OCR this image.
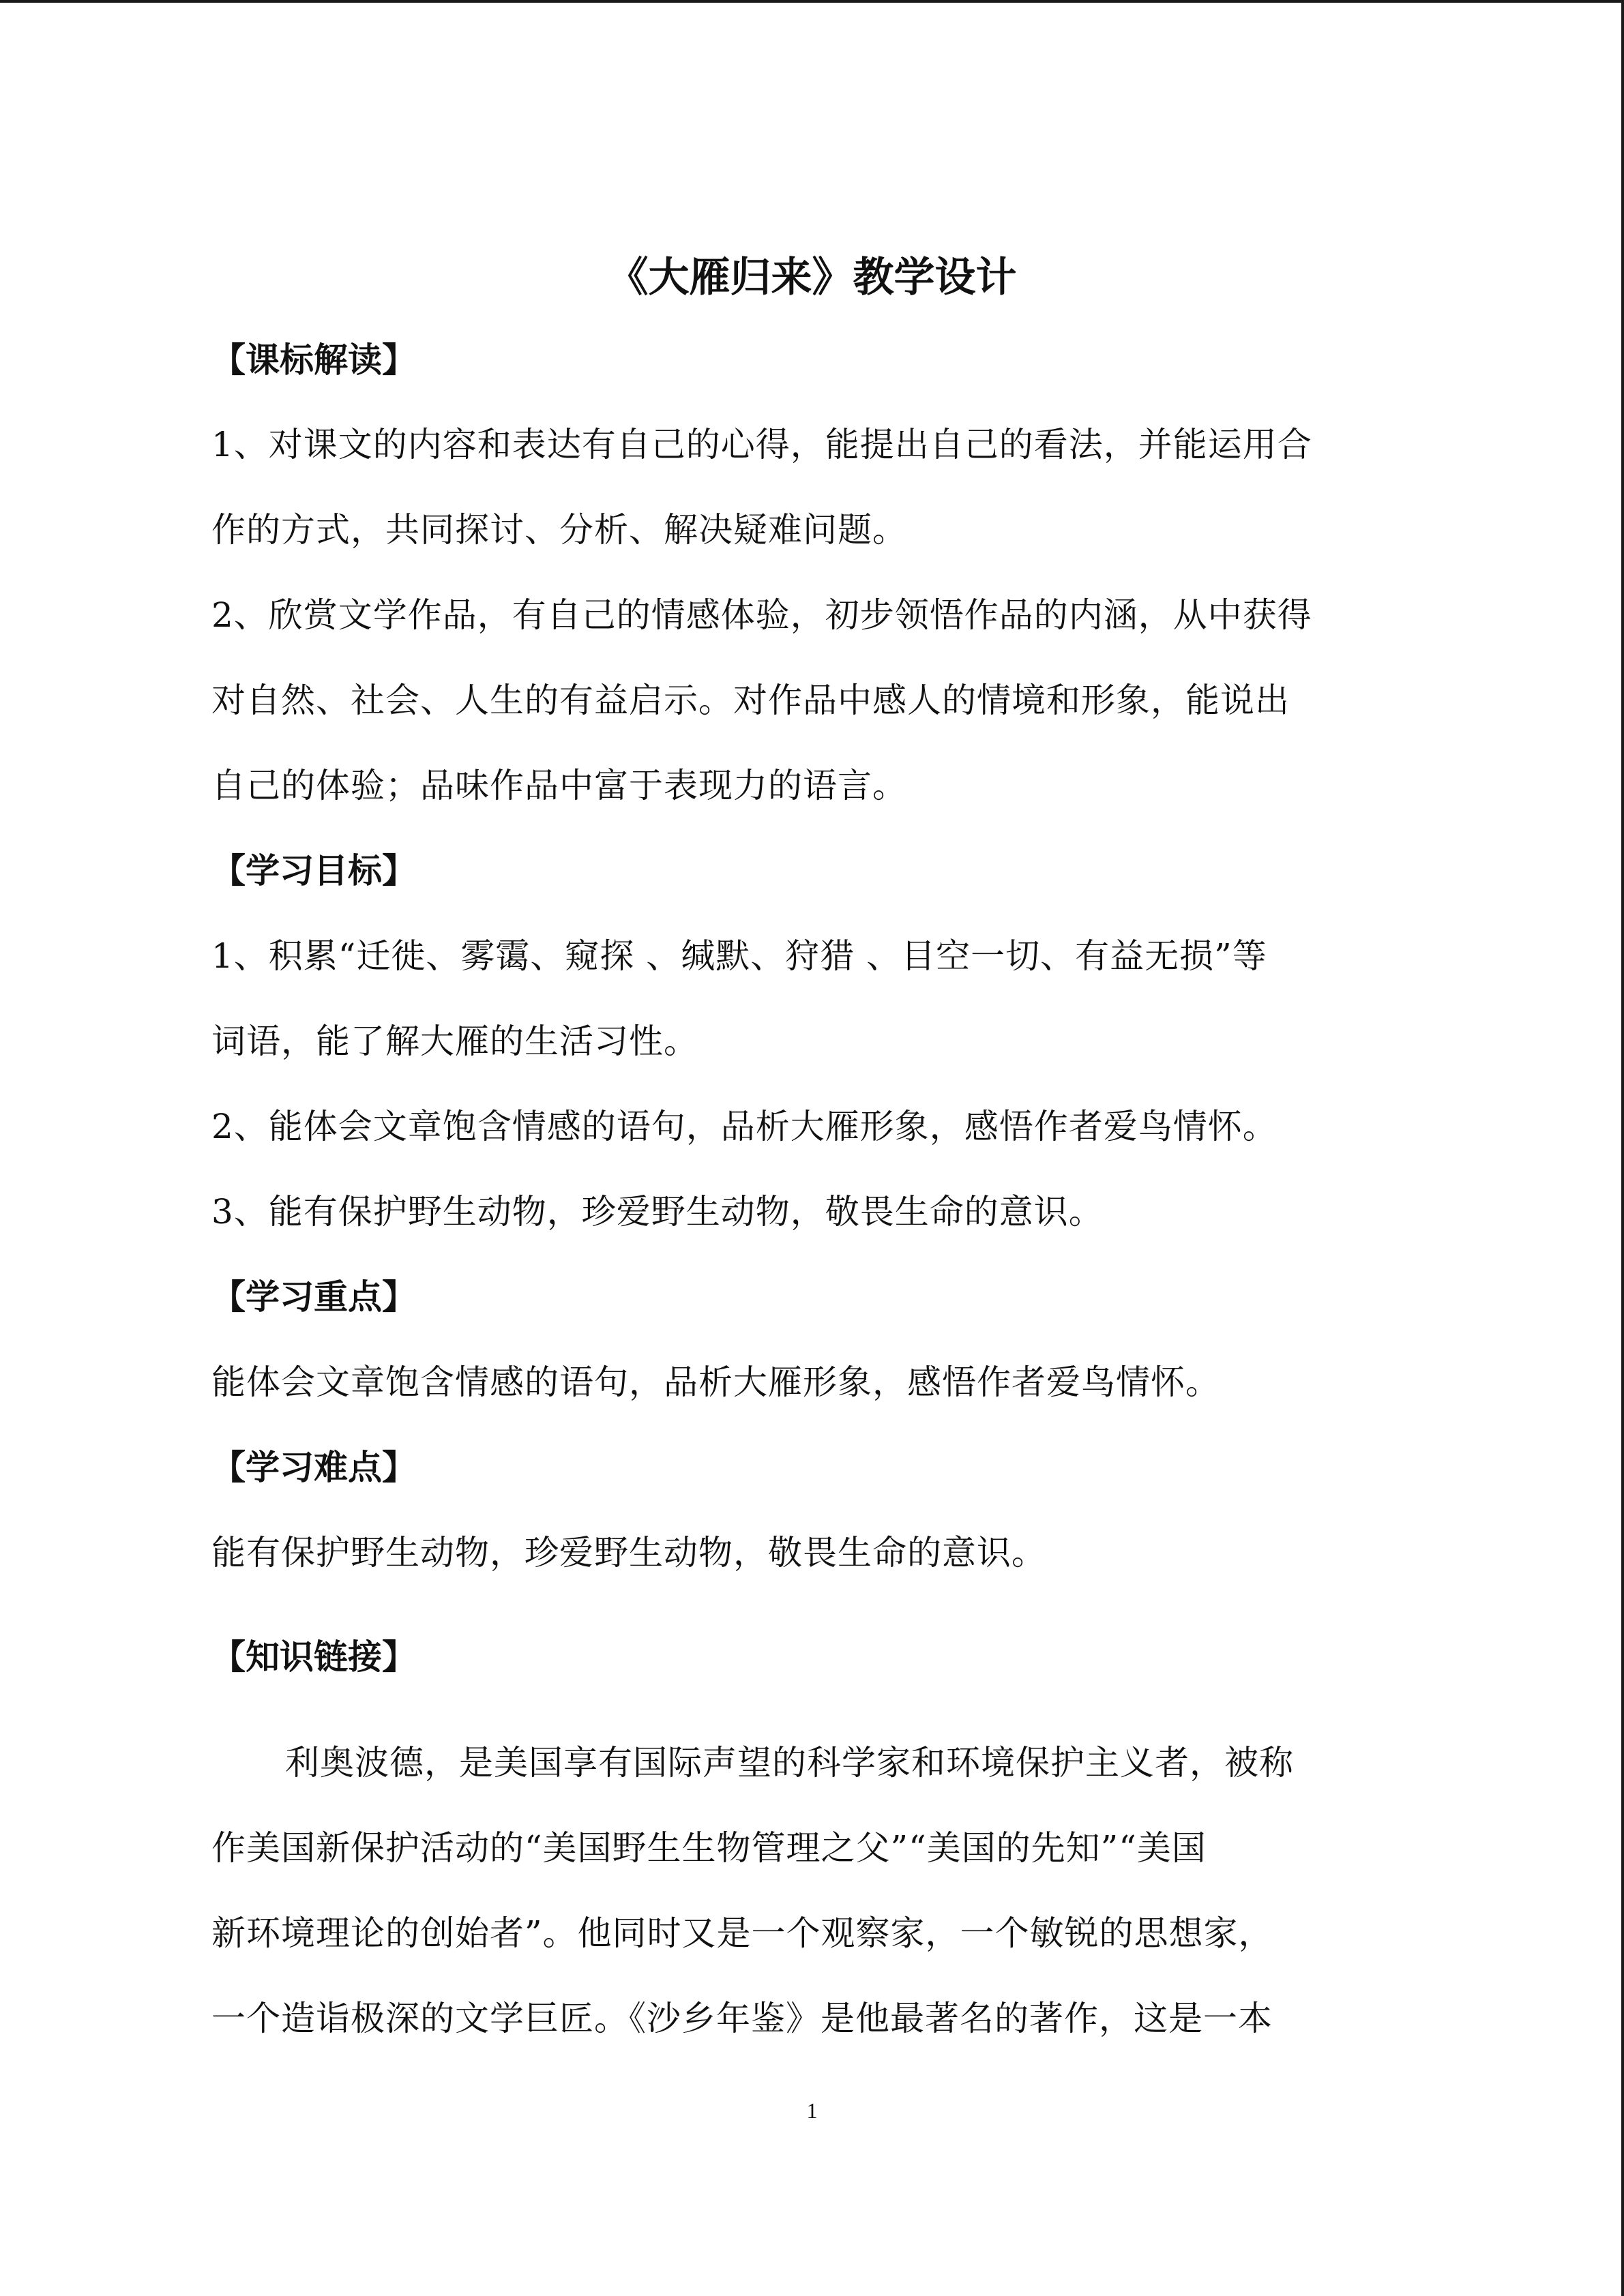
《大雁归来》教学设计
【课标解读】
1、对课文的内容和表达有自己的心得，能提出自己的看法，并能运用合
作的方式，共同探讨、分析、解决疑难问题。
2、欣赏文学作品，有自己的情感体验，初步领悟作品的内涵，从中获得
对自然、社会、人生的有益启示。对作品中感人的情境和形象，能说出
自己的体验；品味作品中富于表现力的语言。
【学习目标】
1、积累“迁徙、雾霭、窥探 、缄默、狩猎 、目空一切、有益无损”等
词语，能了解大雁的生活习性。
2、能体会文章饱含情感的语句，品析大雁形象，感悟作者爱鸟情怀。
3、能有保护野生动物，珍爱野生动物，敬畏生命的意识。
【学习重点】
能体会文章饱含情感的语句，品析大雁形象，感悟作者爱鸟情怀。
【学习难点】
能有保护野生动物，珍爱野生动物，敬畏生命的意识。
【知识链接】
利奥波德，是美国享有国际声望的科学家和环境保护主义者，被称
作美国新保护活动的“美国野生生物管理之父”“美国的先知”“美国
新环境理论的创始者”。他同时又是一个观察家，一个敏锐的思想家，
一个造诣极深的文学巨匠。《沙乡年鉴》是他最著名的著作，这是一本
1
